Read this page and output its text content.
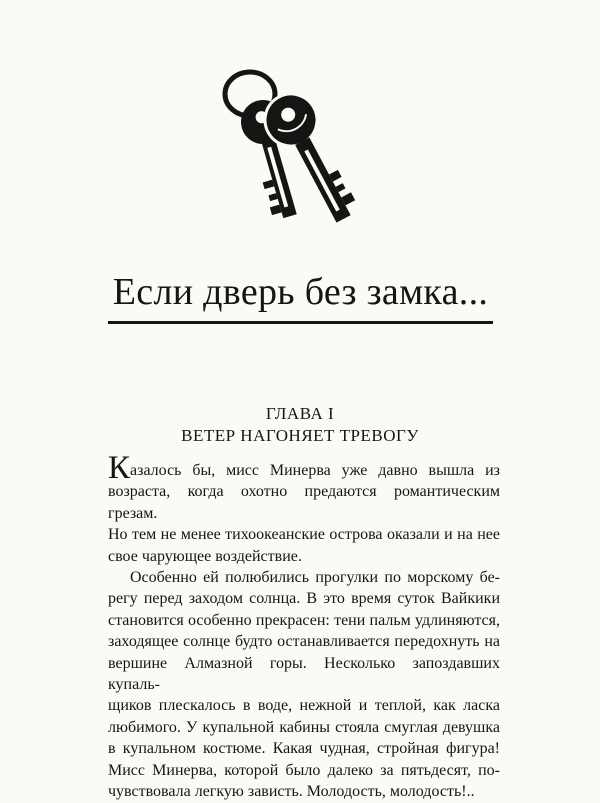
Если дверь без замка...
ГЛАВА I
ВЕТЕР НАГОНЯЕТ ТРЕВОГУ

Казалось бы, мисс Минерва уже давно вышла из
возраста, когда охотно предаются романтическим грезам.
Но тем не менее тихоокеанские острова оказали и на нее
свое чарующее воздействие.

Особенно ей полюбились прогулки по морскому бе-
регу перед заходом солнца. В это время суток Вайкики
становится особенно прекрасен: тени пальм удлиняются,
заходящее солнце будто останавливается передохнуть на
вершине Алмазной горы. Несколько запоздавших купаль-
щиков плескалось в воде, нежной и теплой, как ласка
любимого. У купальной кабины стояла смуглая девушка
в купальном костюме. Какая чудная, стройная фигура!
Мисс Минерва, которой было далеко за пятьдесят, по-
чувствовала легкую зависть. Молодость, молодость!..
